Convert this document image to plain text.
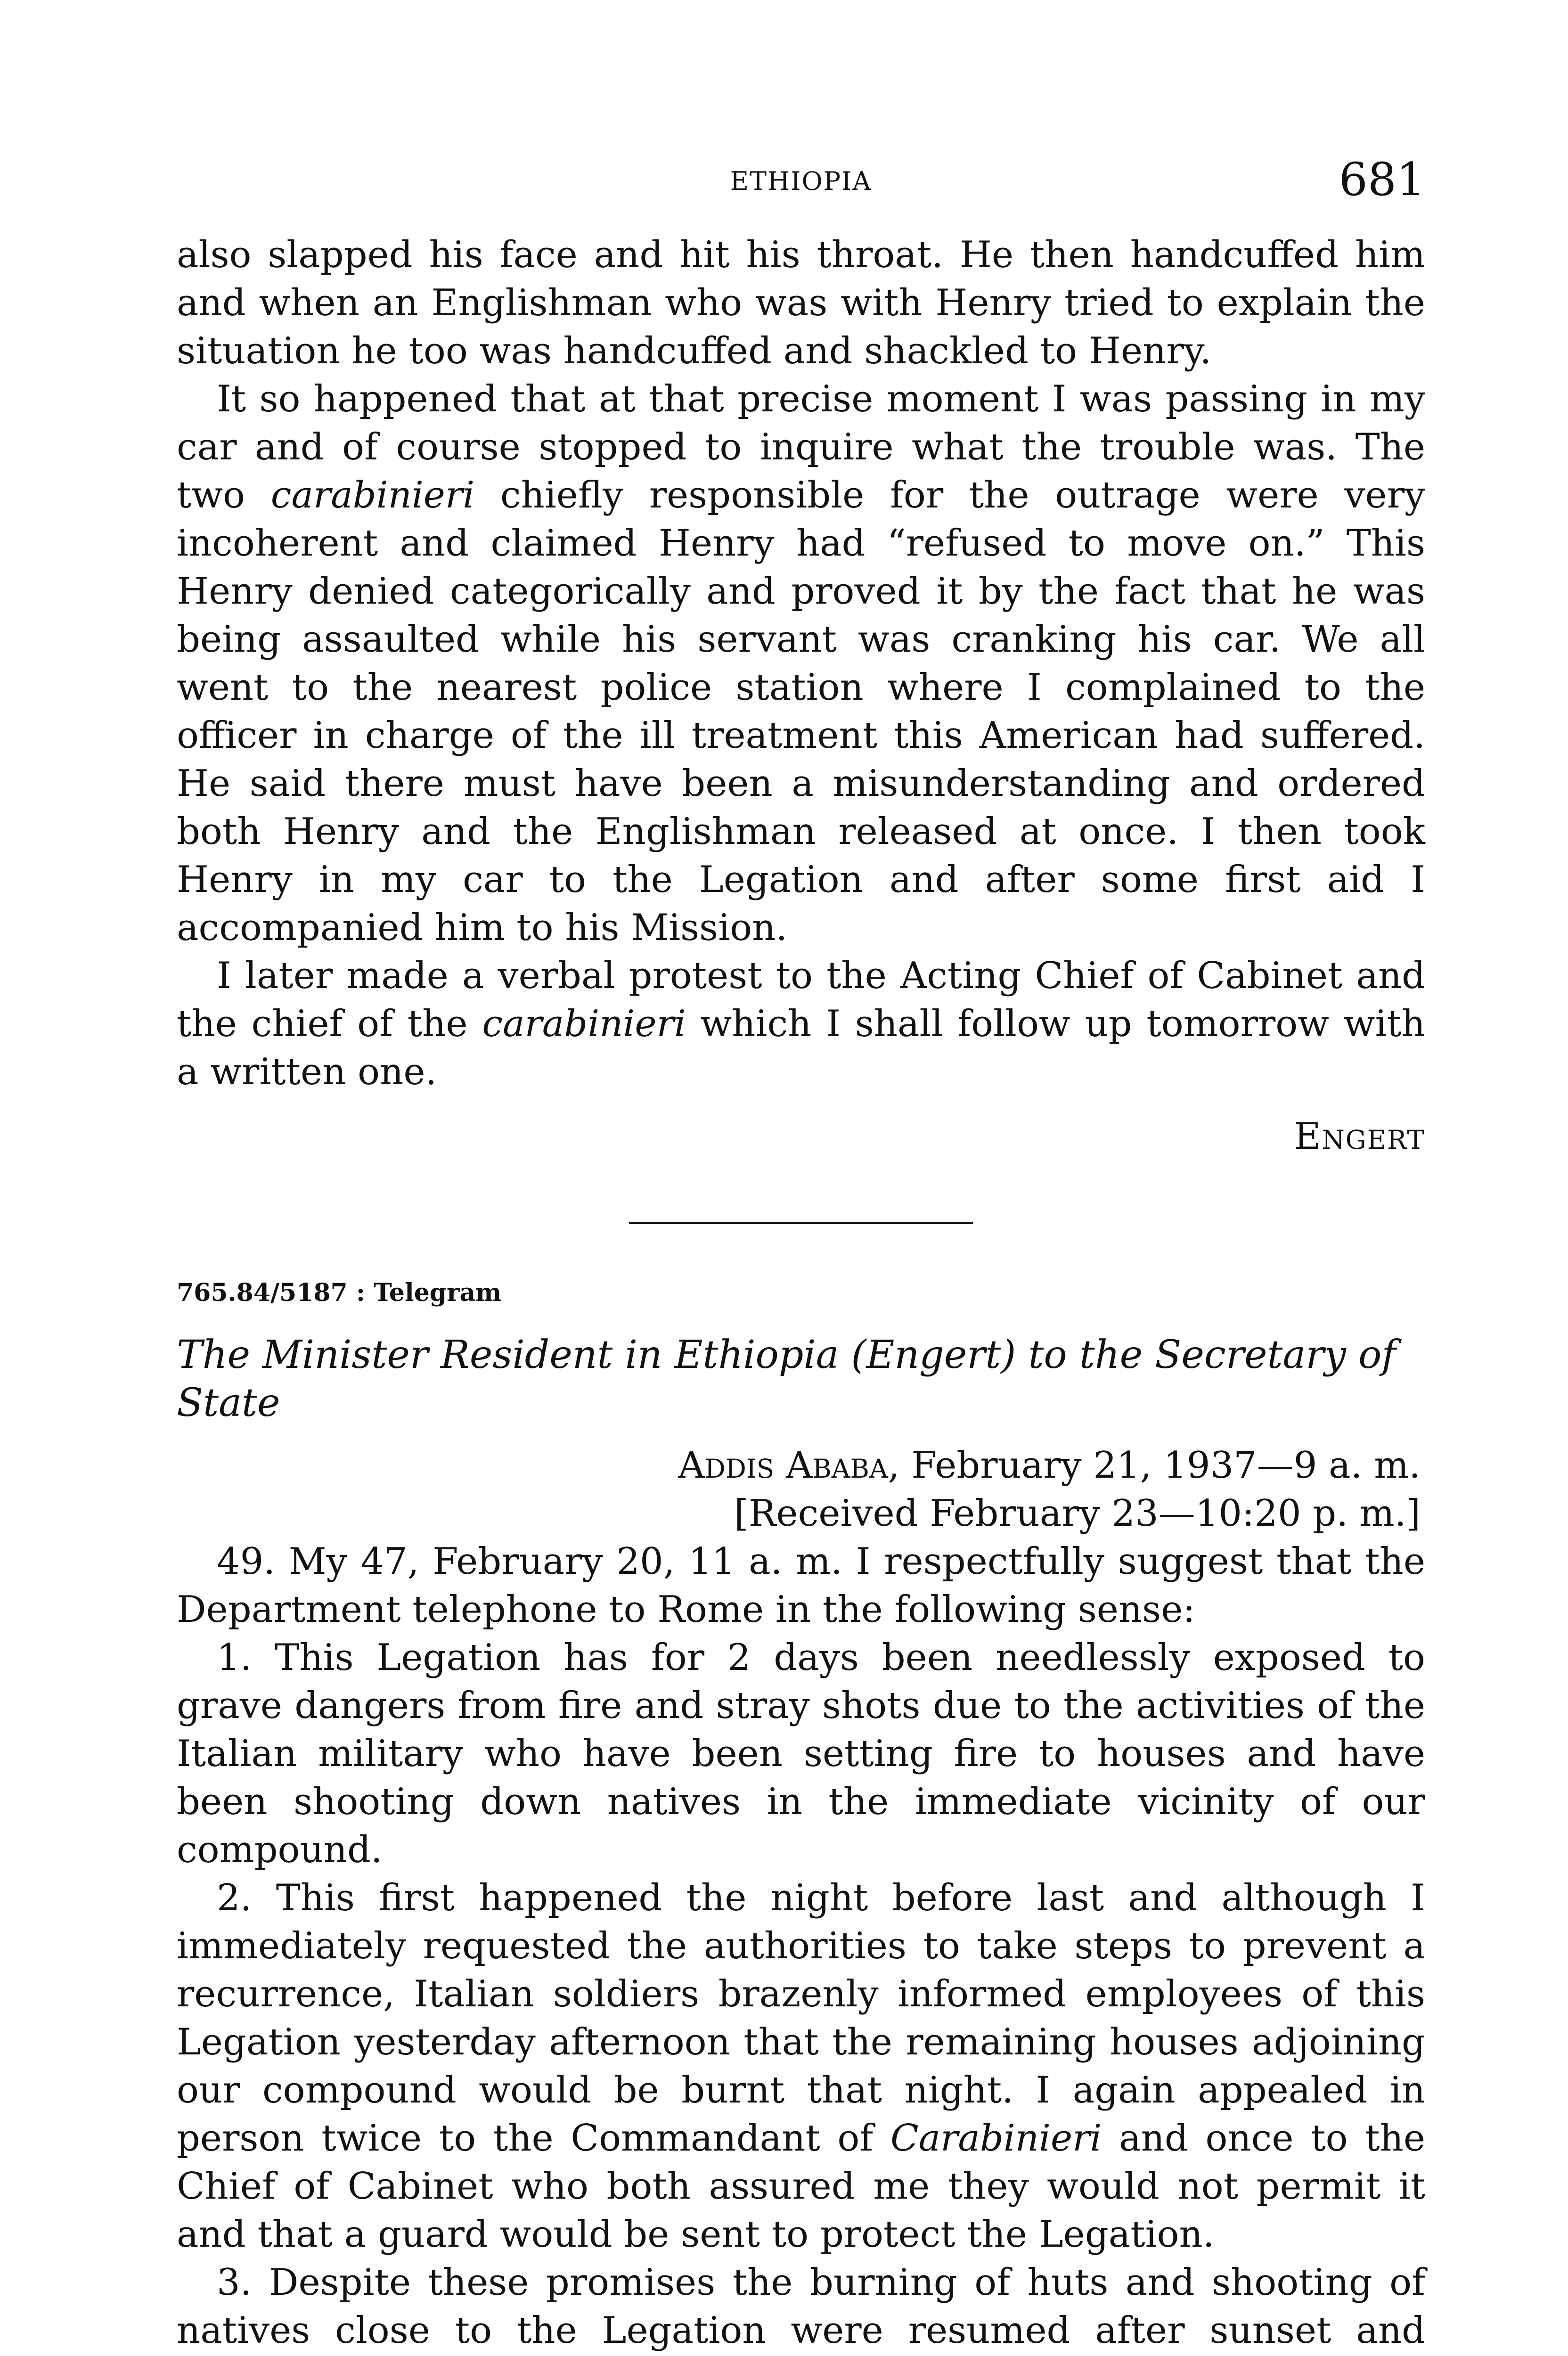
ETHIOPIA	681

also slapped his face and hit his throat. He then handcuffed him and when an Englishman who was with Henry tried to explain the situation he too was handcuffed and shackled to Henry.

It so happened that at that precise moment I was passing in my car and of course stopped to inquire what the trouble was. The two carabinieri chiefly responsible for the outrage were very incoherent and claimed Henry had “refused to move on.” This Henry denied categorically and proved it by the fact that he was being assaulted while his servant was cranking his car. We all went to the nearest police station where I complained to the officer in charge of the ill treatment this American had suffered. He said there must have been a misunderstanding and ordered both Henry and the Englishman released at once. I then took Henry in my car to the Legation and after some first aid I accompanied him to his Mission.

I later made a verbal protest to the Acting Chief of Cabinet and the chief of the carabinieri which I shall follow up tomorrow with a written one.

Engert
765.84/5187 : Telegram
The Minister Resident in Ethiopia (Engert) to the Secretary of State
Addis Ababa, February 21, 1937—9 a. m.
[Received February 23—10:20 p. m.]

49. My 47, February 20, 11 a. m. I respectfully suggest that the Department telephone to Rome in the following sense:

1. This Legation has for 2 days been needlessly exposed to grave dangers from fire and stray shots due to the activities of the Italian military who have been setting fire to houses and have been shooting down natives in the immediate vicinity of our compound.

2. This first happened the night before last and although I immediately requested the authorities to take steps to prevent a recurrence, Italian soldiers brazenly informed employees of this Legation yesterday afternoon that the remaining houses adjoining our compound would be burnt that night. I again appealed in person twice to the Commandant of Carabinieri and once to the Chief of Cabinet who both assured me they would not permit it and that a guard would be sent to protect the Legation.

3. Despite these promises the burning of huts and shooting of natives close to the Legation were resumed after sunset and
